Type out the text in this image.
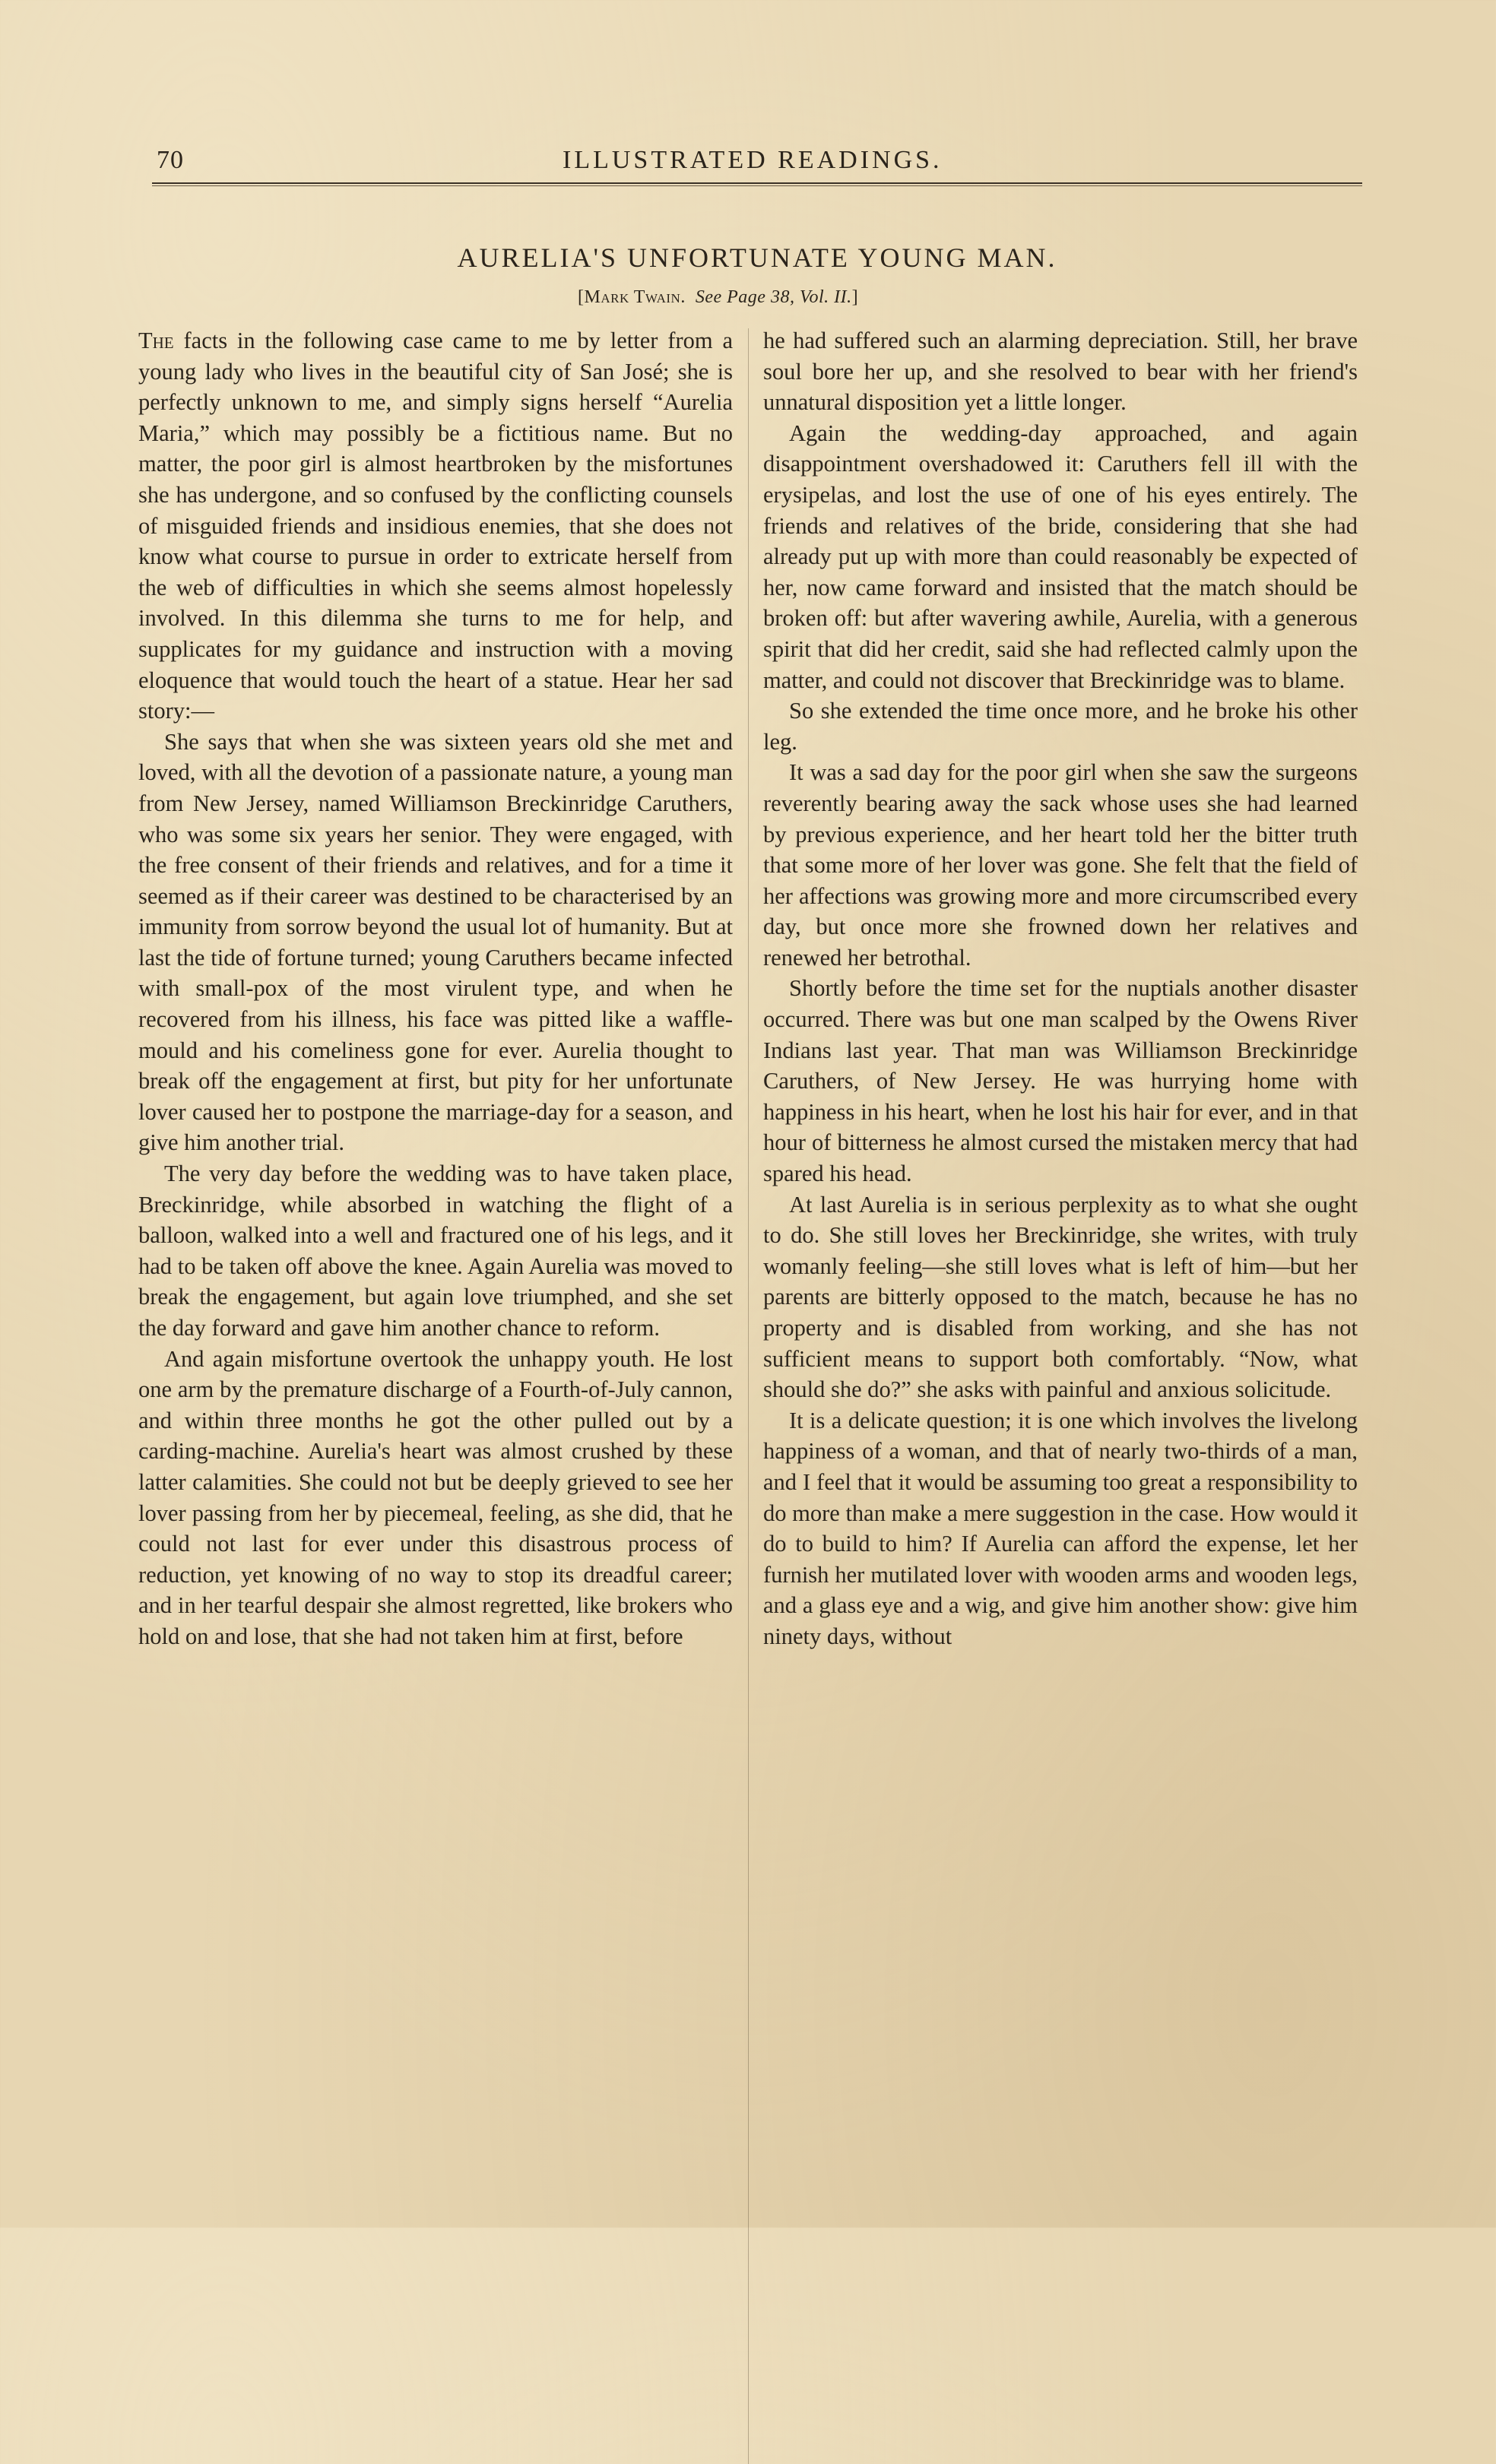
70	ILLUSTRATED READINGS.
AURELIA'S UNFORTUNATE YOUNG MAN.
[Mark Twain. See Page 38, Vol. II.]

The facts in the following case came to me by letter from a young lady who lives in the beautiful city of San José; she is perfectly unknown to me, and simply signs herself “Aurelia Maria,” which may possibly be a fictitious name. But no matter, the poor girl is almost heartbroken by the misfortunes she has undergone, and so confused by the conflicting counsels of misguided friends and insidious enemies, that she does not know what course to pursue in order to extricate herself from the web of difficulties in which she seems almost hopelessly involved. In this dilemma she turns to me for help, and supplicates for my guidance and instruction with a moving eloquence that would touch the heart of a statue. Hear her sad story:—

She says that when she was sixteen years old she met and loved, with all the devotion of a passionate nature, a young man from New Jersey, named Williamson Breckinridge Caruthers, who was some six years her senior. They were engaged, with the free consent of their friends and relatives, and for a time it seemed as if their career was destined to be characterised by an immunity from sorrow beyond the usual lot of humanity. But at last the tide of fortune turned; young Caruthers became infected with small-pox of the most virulent type, and when he recovered from his illness, his face was pitted like a waffle-mould and his comeliness gone for ever. Aurelia thought to break off the engagement at first, but pity for her unfortunate lover caused her to postpone the marriage-day for a season, and give him another trial.

The very day before the wedding was to have taken place, Breckinridge, while absorbed in watching the flight of a balloon, walked into a well and fractured one of his legs, and it had to be taken off above the knee. Again Aurelia was moved to break the engagement, but again love triumphed, and she set the day forward and gave him another chance to reform.

And again misfortune overtook the unhappy youth. He lost one arm by the premature discharge of a Fourth-of-July cannon, and within three months he got the other pulled out by a carding-machine. Aurelia's heart was almost crushed by these latter calamities. She could not but be deeply grieved to see her lover passing from her by piecemeal, feeling, as she did, that he could not last for ever under this disastrous process of reduction, yet knowing of no way to stop its dreadful career; and in her tearful despair she almost regretted, like brokers who hold on and lose, that she had not taken him at first, before

he had suffered such an alarming depreciation. Still, her brave soul bore her up, and she resolved to bear with her friend's unnatural disposition yet a little longer.

Again the wedding-day approached, and again disappointment overshadowed it: Caruthers fell ill with the erysipelas, and lost the use of one of his eyes entirely. The friends and relatives of the bride, considering that she had already put up with more than could reasonably be expected of her, now came forward and insisted that the match should be broken off: but after wavering awhile, Aurelia, with a generous spirit that did her credit, said she had reflected calmly upon the matter, and could not discover that Breckinridge was to blame.

So she extended the time once more, and he broke his other leg.

It was a sad day for the poor girl when she saw the surgeons reverently bearing away the sack whose uses she had learned by previous experience, and her heart told her the bitter truth that some more of her lover was gone. She felt that the field of her affections was growing more and more circumscribed every day, but once more she frowned down her relatives and renewed her betrothal.

Shortly before the time set for the nuptials another disaster occurred. There was but one man scalped by the Owens River Indians last year. That man was Williamson Breckinridge Caruthers, of New Jersey. He was hurrying home with happiness in his heart, when he lost his hair for ever, and in that hour of bitterness he almost cursed the mistaken mercy that had spared his head.

At last Aurelia is in serious perplexity as to what she ought to do. She still loves her Breckinridge, she writes, with truly womanly feeling—she still loves what is left of him—but her parents are bitterly opposed to the match, because he has no property and is disabled from working, and she has not sufficient means to support both comfortably. “Now, what should she do?” she asks with painful and anxious solicitude.

It is a delicate question; it is one which involves the livelong happiness of a woman, and that of nearly two-thirds of a man, and I feel that it would be assuming too great a responsibility to do more than make a mere suggestion in the case. How would it do to build to him? If Aurelia can afford the expense, let her furnish her mutilated lover with wooden arms and wooden legs, and a glass eye and a wig, and give him another show: give him ninety days, without
